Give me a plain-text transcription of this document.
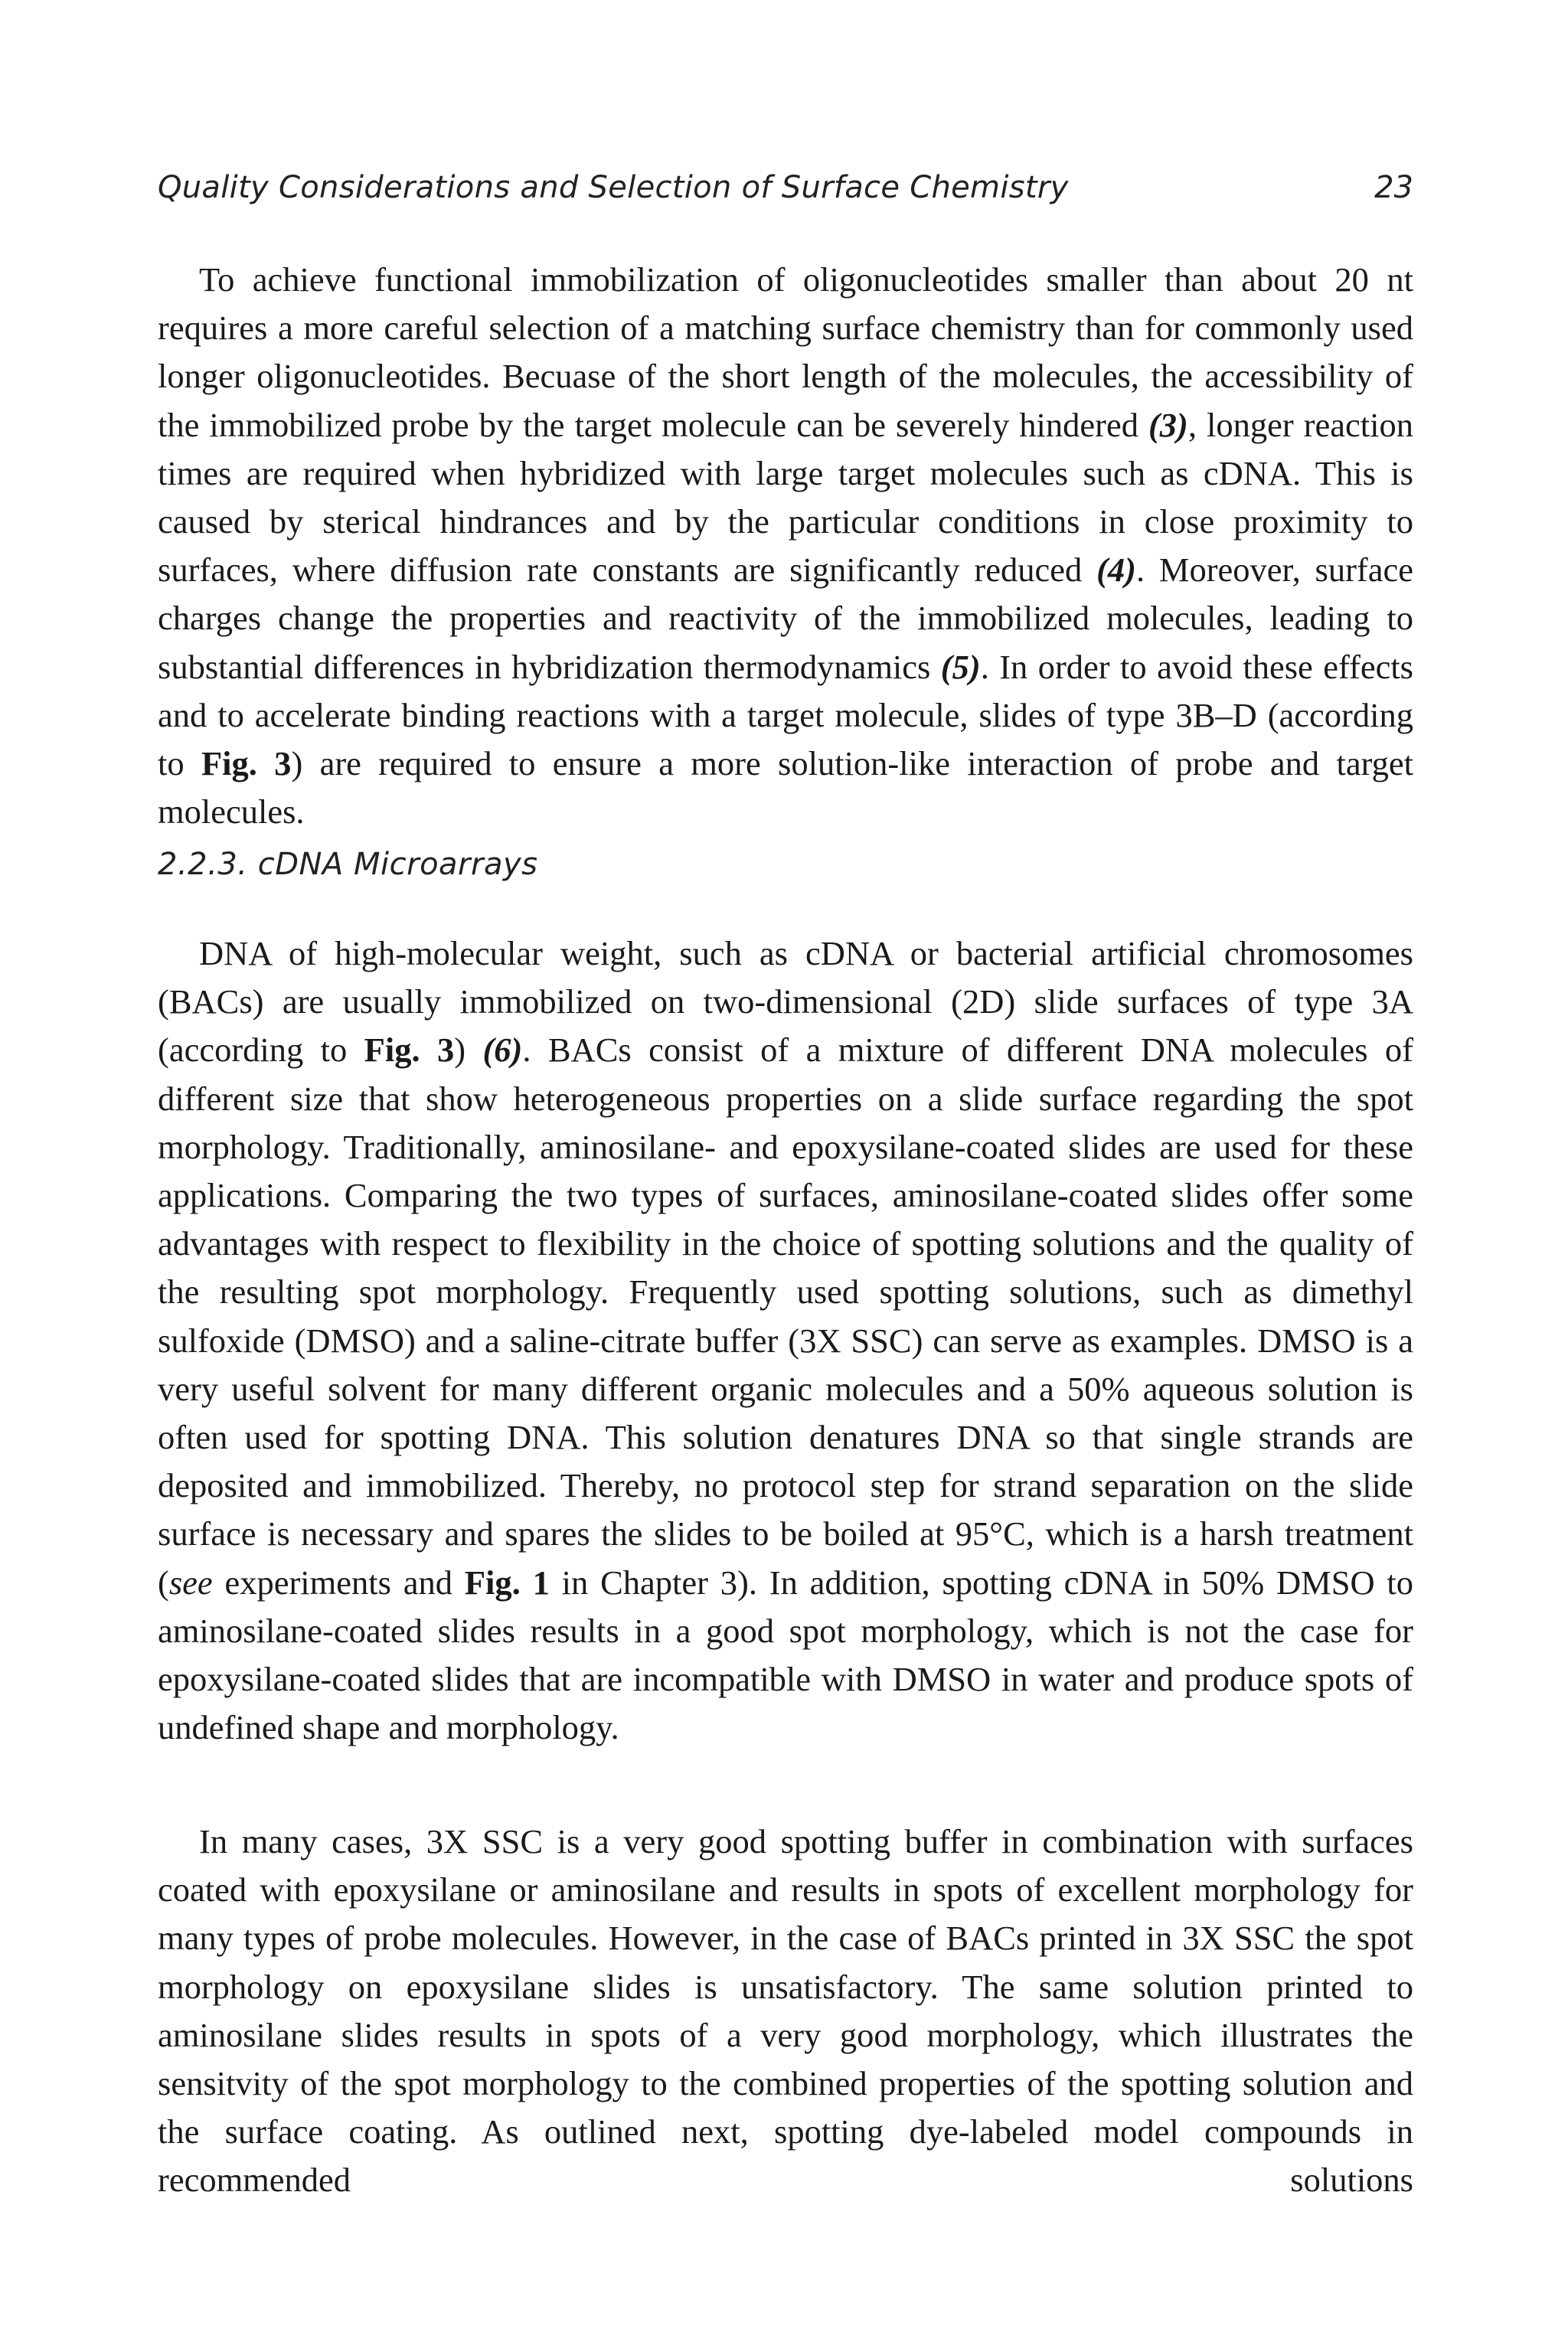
Quality Considerations and Selection of Surface Chemistry	23

To achieve functional immobilization of oligonucleotides smaller than about 20 nt requires a more careful selection of a matching surface chemistry than for commonly used longer oligonucleotides. Becuase of the short length of the molecules, the accessibility of the immobilized probe by the target molecule can be severely hindered (3), longer reaction times are required when hybridized with large target molecules such as cDNA. This is caused by sterical hindrances and by the particular conditions in close proximity to surfaces, where diffusion rate constants are significantly reduced (4). Moreover, surface charges change the properties and reactivity of the immobilized molecules, leading to substantial differences in hybridization thermodynamics (5). In order to avoid these effects and to accelerate binding reactions with a target molecule, slides of type 3B–D (according to Fig. 3) are required to ensure a more solution-like interaction of probe and target molecules.

2.2.3. cDNA Microarrays

DNA of high-molecular weight, such as cDNA or bacterial artificial chromosomes (BACs) are usually immobilized on two-dimensional (2D) slide surfaces of type 3A (according to Fig. 3) (6). BACs consist of a mixture of different DNA molecules of different size that show heterogeneous properties on a slide surface regarding the spot morphology. Traditionally, aminosilane- and epoxysilane-coated slides are used for these applications. Comparing the two types of surfaces, aminosilane-coated slides offer some advantages with respect to flexibility in the choice of spotting solutions and the quality of the resulting spot morphology. Frequently used spotting solutions, such as dimethyl sulfoxide (DMSO) and a saline-citrate buffer (3X SSC) can serve as examples. DMSO is a very useful solvent for many different organic molecules and a 50% aqueous solution is often used for spotting DNA. This solution denatures DNA so that single strands are deposited and immobilized. Thereby, no protocol step for strand separation on the slide surface is necessary and spares the slides to be boiled at 95°C, which is a harsh treatment (see experiments and Fig. 1 in Chapter 3). In addition, spotting cDNA in 50% DMSO to aminosilane-coated slides results in a good spot morphology, which is not the case for epoxysilane-coated slides that are incompatible with DMSO in water and produce spots of undefined shape and morphology.

In many cases, 3X SSC is a very good spotting buffer in combination with surfaces coated with epoxysilane or aminosilane and results in spots of excellent morphology for many types of probe molecules. However, in the case of BACs printed in 3X SSC the spot morphology on epoxysilane slides is unsatisfactory. The same solution printed to aminosilane slides results in spots of a very good morphology, which illustrates the sensitvity of the spot morphology to the combined properties of the spotting solution and the surface coating. As outlined next, spotting dye-labeled model compounds in recommended solutions
